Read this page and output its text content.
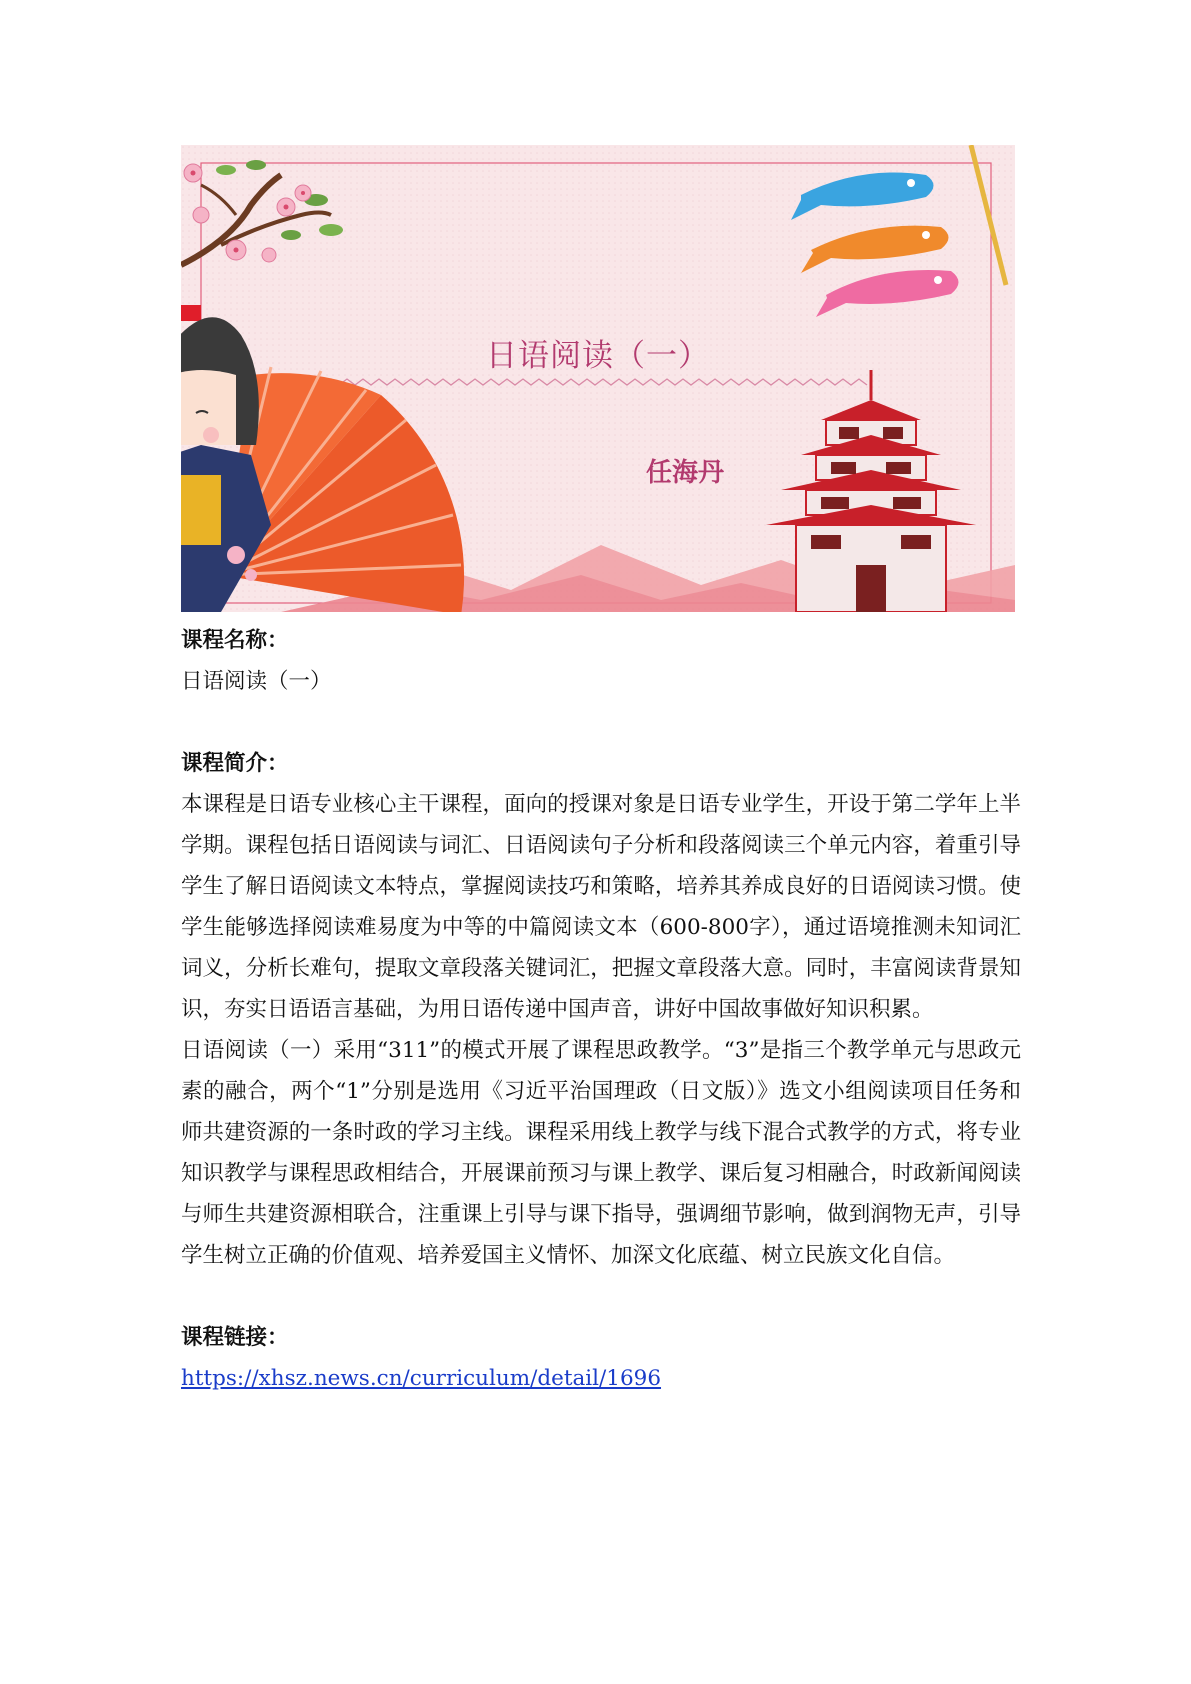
日语阅读（一）
任海丹

课程名称：

日语阅读（一）

课程简介：

本课程是日语专业核心主干课程，面向的授课对象是日语专业学生，开设于第二学年上半学期。课程包括日语阅读与词汇、日语阅读句子分析和段落阅读三个单元内容，着重引导学生了解日语阅读文本特点，掌握阅读技巧和策略，培养其养成良好的日语阅读习惯。使学生能够选择阅读难易度为中等的中篇阅读文本（600-800字），通过语境推测未知词汇词义，分析长难句，提取文章段落关键词汇，把握文章段落大意。同时，丰富阅读背景知识，夯实日语语言基础，为用日语传递中国声音，讲好中国故事做好知识积累。

日语阅读（一）采用“311”的模式开展了课程思政教学。“3”是指三个教学单元与思政元素的融合，两个“1”分别是选用《习近平治国理政（日文版）》选文小组阅读项目任务和师共建资源的一条时政的学习主线。课程采用线上教学与线下混合式教学的方式，将专业知识教学与课程思政相结合，开展课前预习与课上教学、课后复习相融合，时政新闻阅读与师生共建资源相联合，注重课上引导与课下指导，强调细节影响，做到润物无声，引导学生树立正确的价值观、培养爱国主义情怀、加深文化底蕴、树立民族文化自信。

课程链接：

https://xhsz.news.cn/curriculum/detail/1696
